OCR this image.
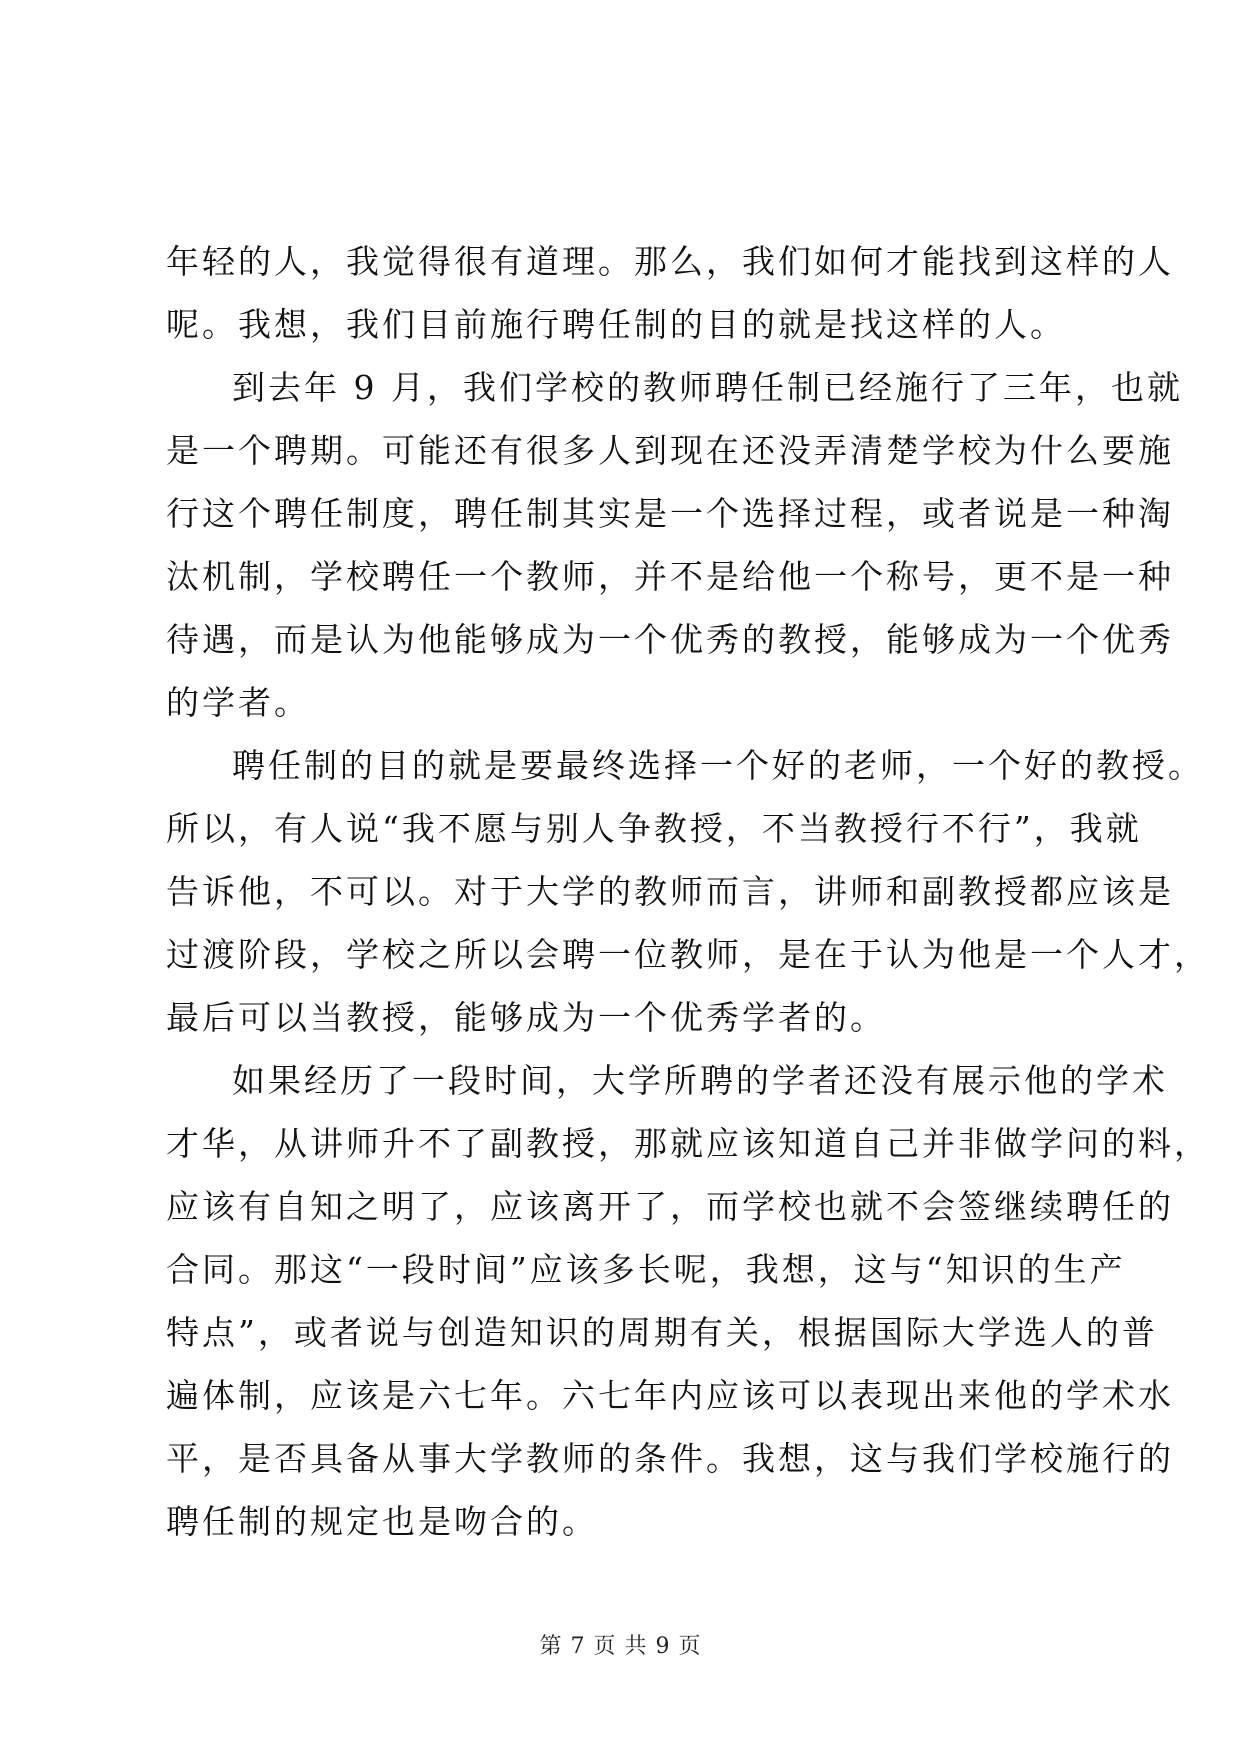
年轻的人，我觉得很有道理。那么，我们如何才能找到这样的人
呢。我想，我们目前施行聘任制的目的就是找这样的人。
到去年 9 月，我们学校的教师聘任制已经施行了三年，也就
是一个聘期。可能还有很多人到现在还没弄清楚学校为什么要施
行这个聘任制度，聘任制其实是一个选择过程，或者说是一种淘
汰机制，学校聘任一个教师，并不是给他一个称号，更不是一种
待遇，而是认为他能够成为一个优秀的教授，能够成为一个优秀
的学者。
聘任制的目的就是要最终选择一个好的老师，一个好的教授。
所以，有人说“我不愿与别人争教授，不当教授行不行”，我就
告诉他，不可以。对于大学的教师而言，讲师和副教授都应该是
过渡阶段，学校之所以会聘一位教师，是在于认为他是一个人才，
最后可以当教授，能够成为一个优秀学者的。
如果经历了一段时间，大学所聘的学者还没有展示他的学术
才华，从讲师升不了副教授，那就应该知道自己并非做学问的料，
应该有自知之明了，应该离开了，而学校也就不会签继续聘任的
合同。那这“一段时间”应该多长呢，我想，这与“知识的生产
特点”，或者说与创造知识的周期有关，根据国际大学选人的普
遍体制，应该是六七年。六七年内应该可以表现出来他的学术水
平，是否具备从事大学教师的条件。我想，这与我们学校施行的
聘任制的规定也是吻合的。
第 7 页 共 9 页
